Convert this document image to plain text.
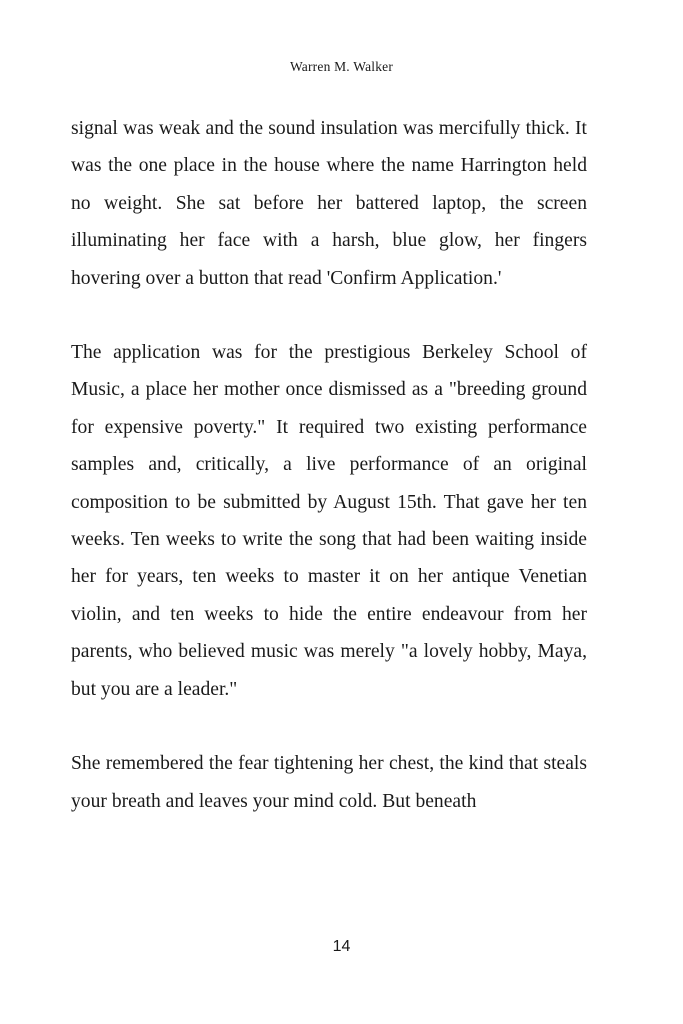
Warren M. Walker

signal was weak and the sound insulation was mercifully thick. It was the one place in the house where the name Harrington held no weight. She sat before her battered laptop, the screen illuminating her face with a harsh, blue glow, her fingers hovering over a button that read 'Confirm Application.'

The application was for the prestigious Berkeley School of Music, a place her mother once dismissed as a "breeding ground for expensive poverty." It required two existing performance samples and, critically, a live performance of an original composition to be submitted by August 15th. That gave her ten weeks. Ten weeks to write the song that had been waiting inside her for years, ten weeks to master it on her antique Venetian violin, and ten weeks to hide the entire endeavour from her parents, who believed music was merely "a lovely hobby, Maya, but you are a leader."

She remembered the fear tightening her chest, the kind that steals your breath and leaves your mind cold. But beneath

14
